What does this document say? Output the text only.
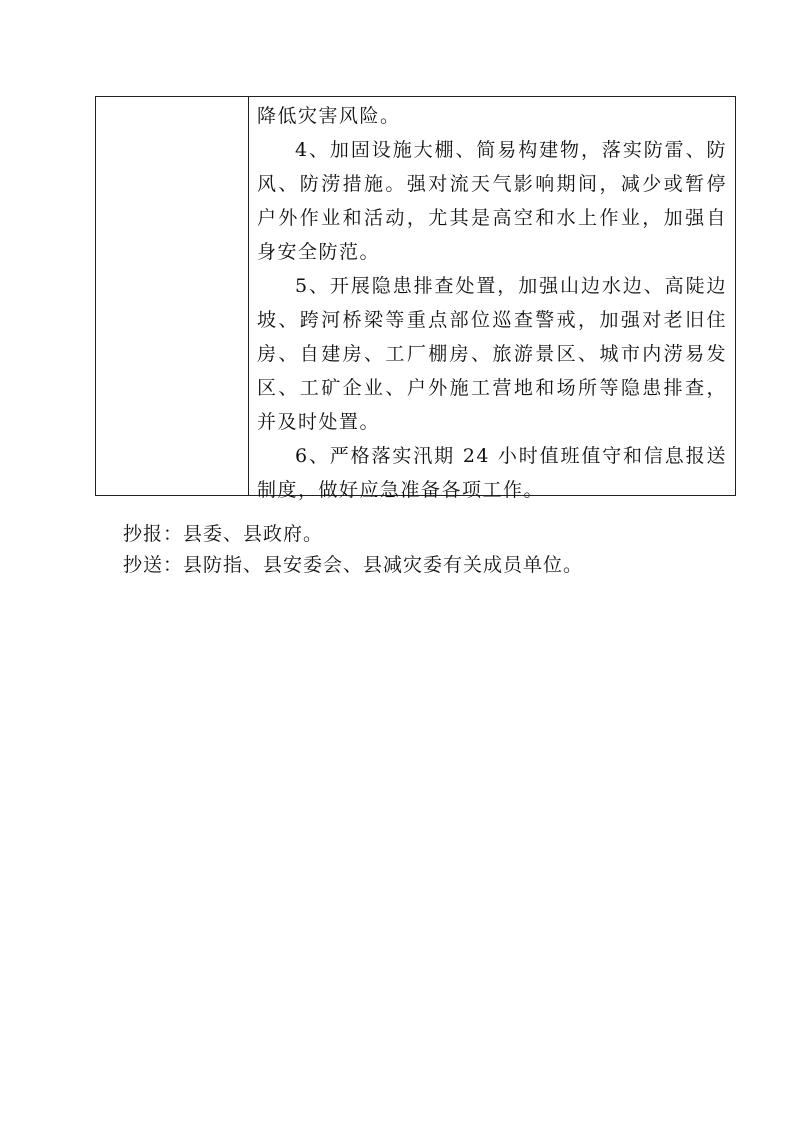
降低灾害风险。

4、加固设施大棚、简易构建物，落实防雷、防风、防涝措施。强对流天气影响期间，减少或暂停户外作业和活动，尤其是高空和水上作业，加强自身安全防范。

5、开展隐患排查处置，加强山边水边、高陡边坡、跨河桥梁等重点部位巡查警戒，加强对老旧住房、自建房、工厂棚房、旅游景区、城市内涝易发区、工矿企业、户外施工营地和场所等隐患排查，并及时处置。

6、严格落实汛期 24 小时值班值守和信息报送制度，做好应急准备各项工作。

抄报：县委、县政府。
抄送：县防指、县安委会、县减灾委有关成员单位。
